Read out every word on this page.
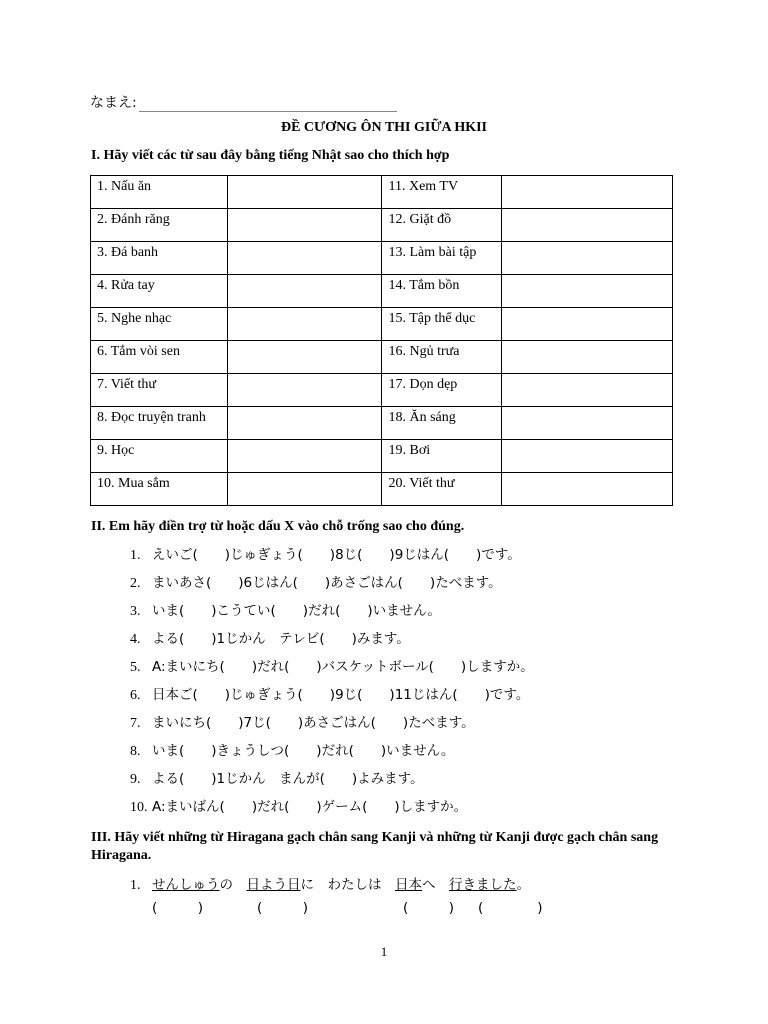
なまえ:
ĐỀ CƯƠNG ÔN THI GIỮA HKII
I. Hãy viết các từ sau đây bằng tiếng Nhật sao cho thích hợp
1. Nấu ăn		11. Xem TV	
2. Đánh răng		12. Giặt đồ	
3. Đá banh		13. Làm bài tập	
4. Rửa tay		14. Tắm bồn	
5. Nghe nhạc		15. Tập thể dục	
6. Tắm vòi sen		16. Ngủ trưa	
7. Viết thư		17. Dọn dẹp	
8. Đọc truyện tranh		18. Ăn sáng	
9. Học		19. Bơi	
10. Mua sắm		20. Viết thư	
II. Em hãy điền trợ từ hoặc dấu X vào chỗ trống sao cho đúng.
1. えいご(　　)じゅぎょう(　　)8じ(　　)9じはん(　　)です。
2. まいあさ(　　)6じはん(　　)あさごはん(　　)たべます。
3. いま(　　)こうてい(　　)だれ(　　)いません。
4. よる(　　)1じかん　テレビ(　　)みます。
5. A:まいにち(　　)だれ(　　)バスケットボール(　　)しますか。
6. 日本ご(　　)じゅぎょう(　　)9じ(　　)11じはん(　　)です。
7. まいにち(　　)7じ(　　)あさごはん(　　)たべます。
8. いま(　　)きょうしつ(　　)だれ(　　)いません。
9. よる(　　)1じかん　まんが(　　)よみます。
10. A:まいばん(　　)だれ(　　)ゲーム(　　)しますか。
III. Hãy viết những từ Hiragana gạch chân sang Kanji và những từ Kanji được gạch chân sang Hiragana.
1. せんしゅうの　日よう日に　わたしは　日本へ　行きました。
(　　　)	(　　　)	(　　　) (　　　　)
1
